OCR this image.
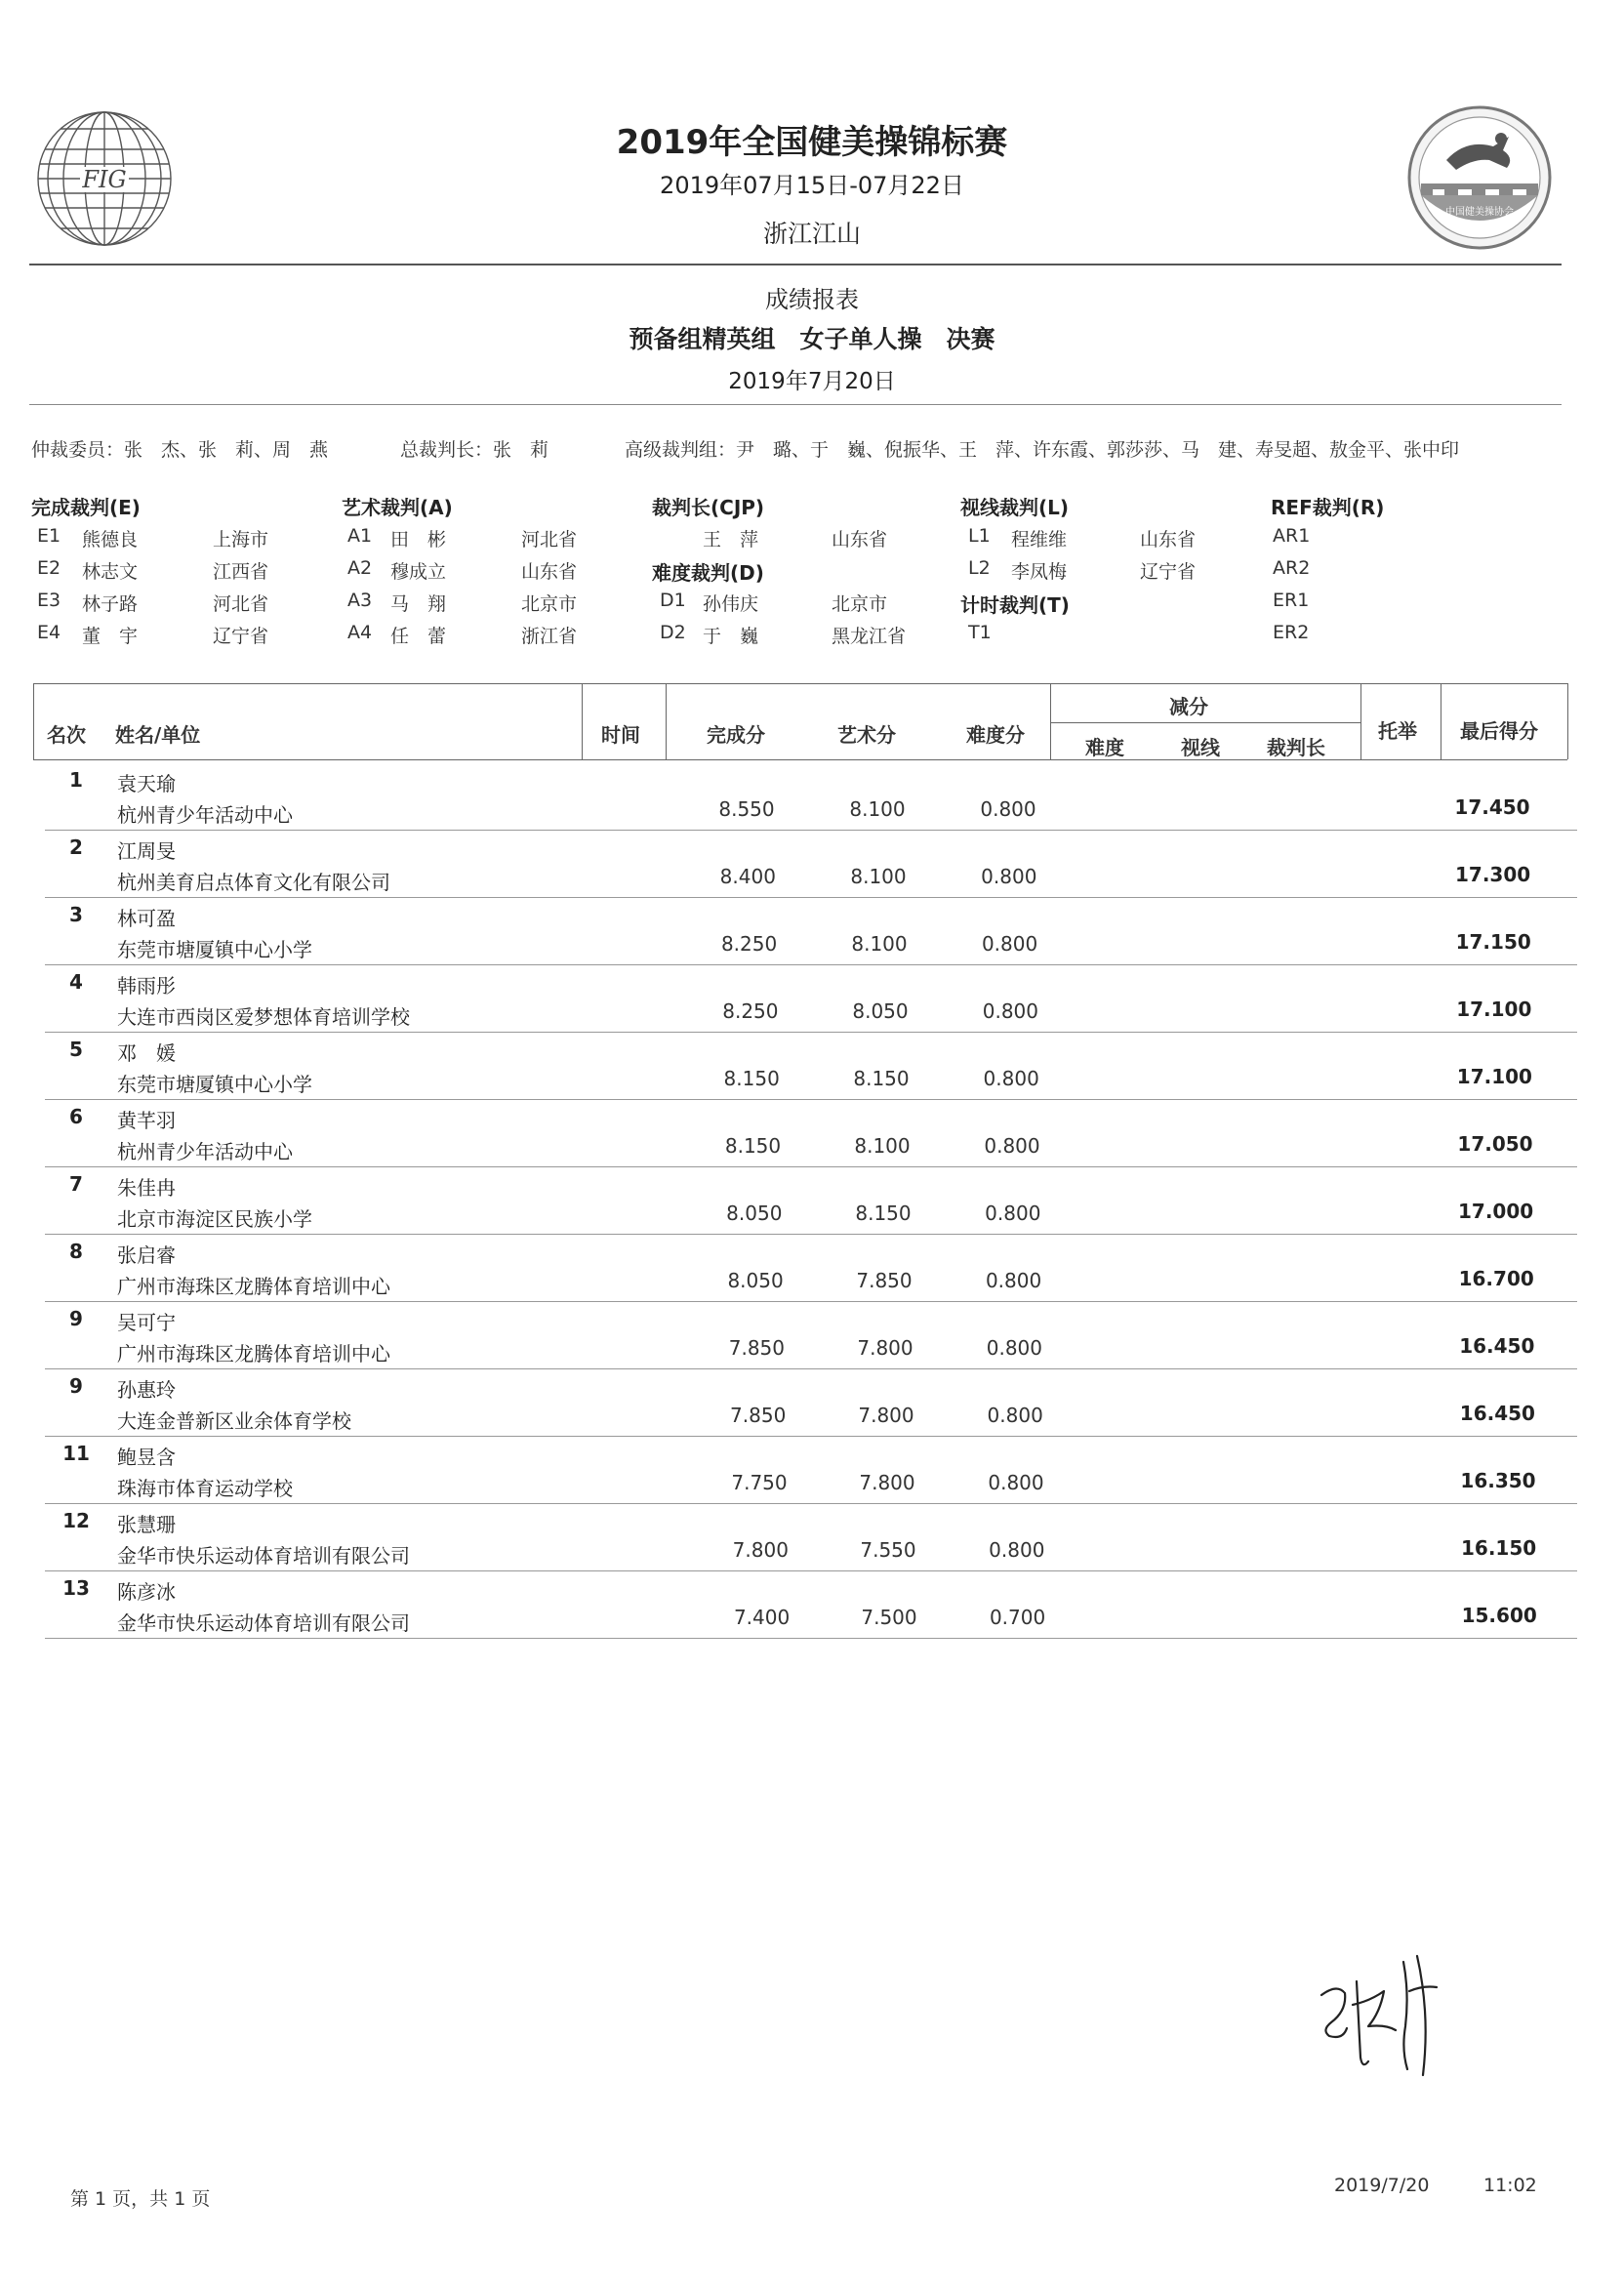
FIG
中国健美操协会
CAA
2019年全国健美操锦标赛
2019年07月15日-07月22日
浙江江山
成绩报表
预备组精英组　女子单人操　决赛
2019年7月20日
仲裁委员：张　杰、张　莉、周　燕	总裁判长：张　莉	高级裁判组：尹　璐、于　巍、倪振华、王　萍、许东霞、郭莎莎、马　建、寿旻超、敖金平、张中印
完成裁判(E)
E1 熊德良	上海市
E2 林志文	江西省
E3 林子路	河北省
E4 董　宇	辽宁省
艺术裁判(A)
A1 田　彬	河北省
A2 穆成立	山东省
A3 马　翔	北京市
A4 任　蕾	浙江省
裁判长(CJP)
王　萍	山东省
难度裁判(D)
D1 孙伟庆	北京市
D2 于　巍	黑龙江省
视线裁判(L)
L1 程维维	山东省
L2 李凤梅	辽宁省
计时裁判(T)
T1
REF裁判(R)
AR1
AR2
ER1
ER2
名次 姓名/单位	时间	完成分	艺术分	难度分
减分
难度	视线 裁判长
托举 最后得分
1	袁天瑜
杭州青少年活动中心	8.550	8.100	0.800	17.450
2	江周旻
杭州美育启点体育文化有限公司	8.400	8.100	0.800	17.300
3	林可盈
东莞市塘厦镇中心小学	8.250	8.100	0.800	17.150
4	韩雨彤
大连市西岗区爱梦想体育培训学校	8.250	8.050	0.800	17.100
5	邓　媛
东莞市塘厦镇中心小学	8.150	8.150	0.800	17.100
6	黄芊羽
杭州青少年活动中心	8.150	8.100	0.800	17.050
7	朱佳冉
北京市海淀区民族小学	8.050	8.150	0.800	17.000
8	张启睿
广州市海珠区龙腾体育培训中心	8.050	7.850	0.800	16.700
9	吴可宁
广州市海珠区龙腾体育培训中心	7.850	7.800	0.800	16.450
9	孙惠玲
大连金普新区业余体育学校	7.850	7.800	0.800	16.450
11	鲍昱含
珠海市体育运动学校	7.750	7.800	0.800	16.350
12	张慧珊
金华市快乐运动体育培训有限公司	7.800	7.550	0.800	16.150
13	陈彦冰
金华市快乐运动体育培训有限公司	7.400	7.500	0.700	15.600
第 1 页，共 1 页
2019/7/20	11:02
